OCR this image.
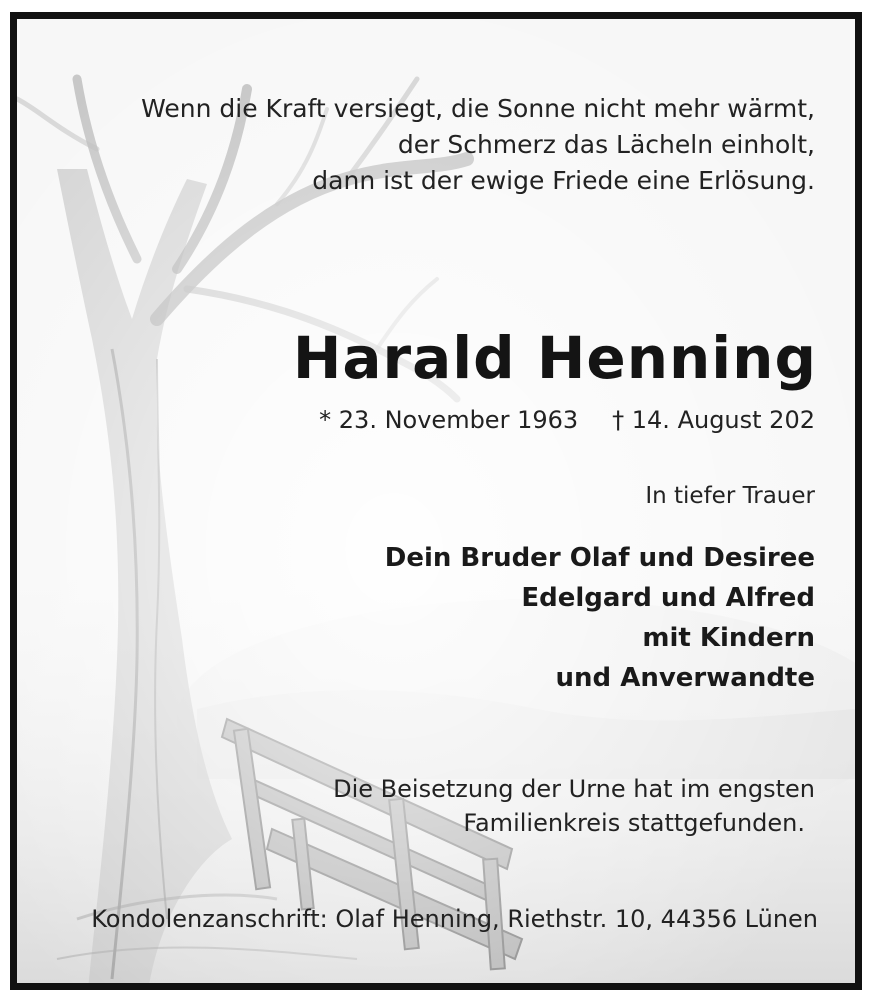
Wenn die Kraft versiegt, die Sonne nicht mehr wärmt,
der Schmerz das Lächeln einholt,
dann ist der ewige Friede eine Erlösung.
Harald Henning
* 23. November 1963 † 14. August 202
In tiefer Trauer
Dein Bruder Olaf und Desiree
Edelgard und Alfred
mit Kindern
und Anverwandte
Die Beisetzung der Urne hat im engsten
Familienkreis stattgefunden.
Kondolenzanschrift: Olaf Henning, Riethstr. 10, 44356 Lünen
